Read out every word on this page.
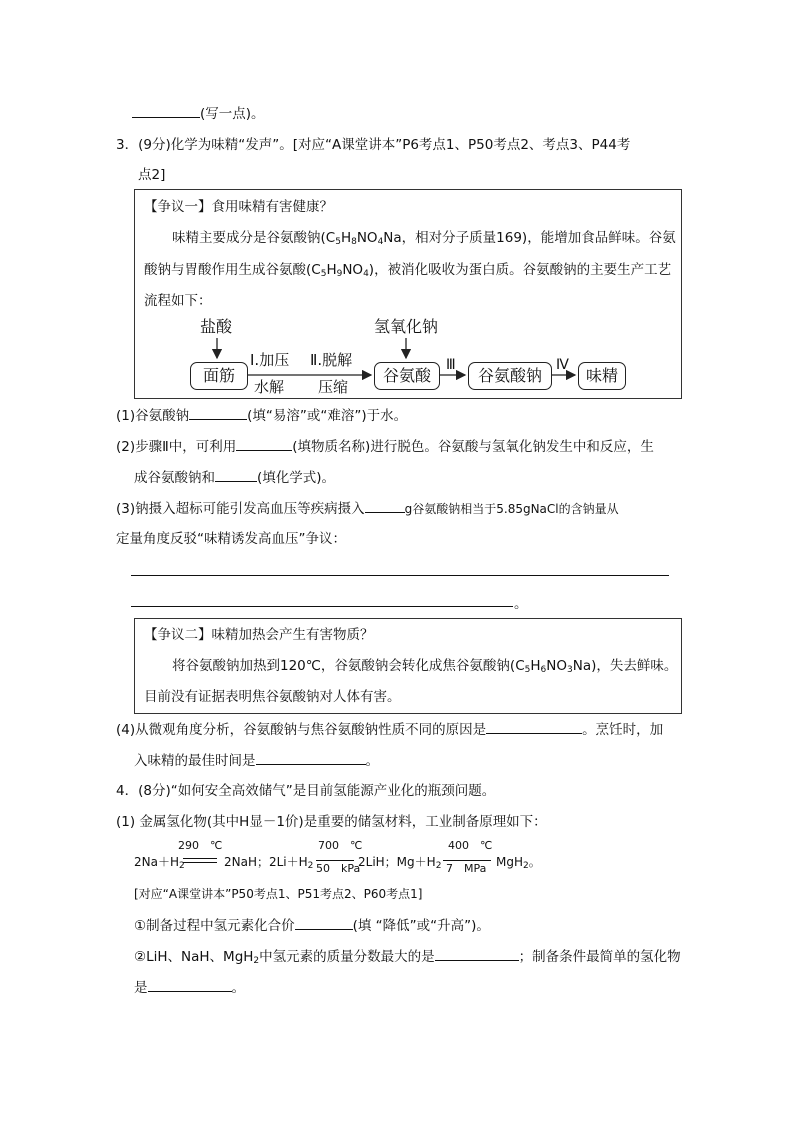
(写一点)。
3．(9分)化学为味精“发声”。[对应“A课堂讲本”P6考点1、P50考点2、考点3、P44考
点2]
【争议一】食用味精有害健康？
味精主要成分是谷氨酸钠($C_5H_8NO_4Na$，相对分子质量169)，能增加食品鲜味。谷氨
酸钠与胃酸作用生成谷氨酸$(C_5H_9NO_4)$，被消化吸收为蛋白质。谷氨酸钠的主要生产工艺
流程如下：
盐酸	氢氧化钠
面筋
Ⅰ.加压
水解
Ⅱ.脱解
压缩
谷氨酸
Ⅲ
谷氨酸钠
Ⅳ
味精
(1)谷氨酸钠	(填“易溶”或“难溶”)于水。
(2)步骤Ⅱ中，可利用	(填物质名称)进行脱色。谷氨酸与氢氧化钠发生中和反应，生
成谷氨酸钠和	(填化学式)。
(3)钠摄入超标可能引发高血压等疾病摄入	g谷氨酸钠相当于5.85gNaCl的含钠量从
定量角度反驳“味精诱发高血压”争议：
。
【争议二】味精加热会产生有害物质？
将谷氨酸钠加热到120℃，谷氨酸钠会转化成焦谷氨酸钠$(C_5H_6NO_3Na)$，失去鲜味。
目前没有证据表明焦谷氨酸钠对人体有害。
(4)从微观角度分析，谷氨酸钠与焦谷氨酸钠性质不同的原因是	。烹饪时，加
入味精的最佳时间是	。
4．(8分)“如何安全高效储气”是目前氢能源产业化的瓶颈问题。
(1) 金属氢化物(其中H显－1价)是重要的储氢材料，工业制备原理如下：
$2Na+H_2$
290　℃
2NaH；$2Li+H_2$
700　℃
50　kPa
2LiH；$Mg+H_2$
400　℃
7　MPa MgH$_2$。
[对应“A课堂讲本”P50考点1、P51考点2、P60考点1]
①制备过程中氢元素化合价	(填 “降低”或“升高”)。
②LiH、NaH、MgH$_2$中氢元素的质量分数最大的是	；制备条件最简单的氢化物
是	。
